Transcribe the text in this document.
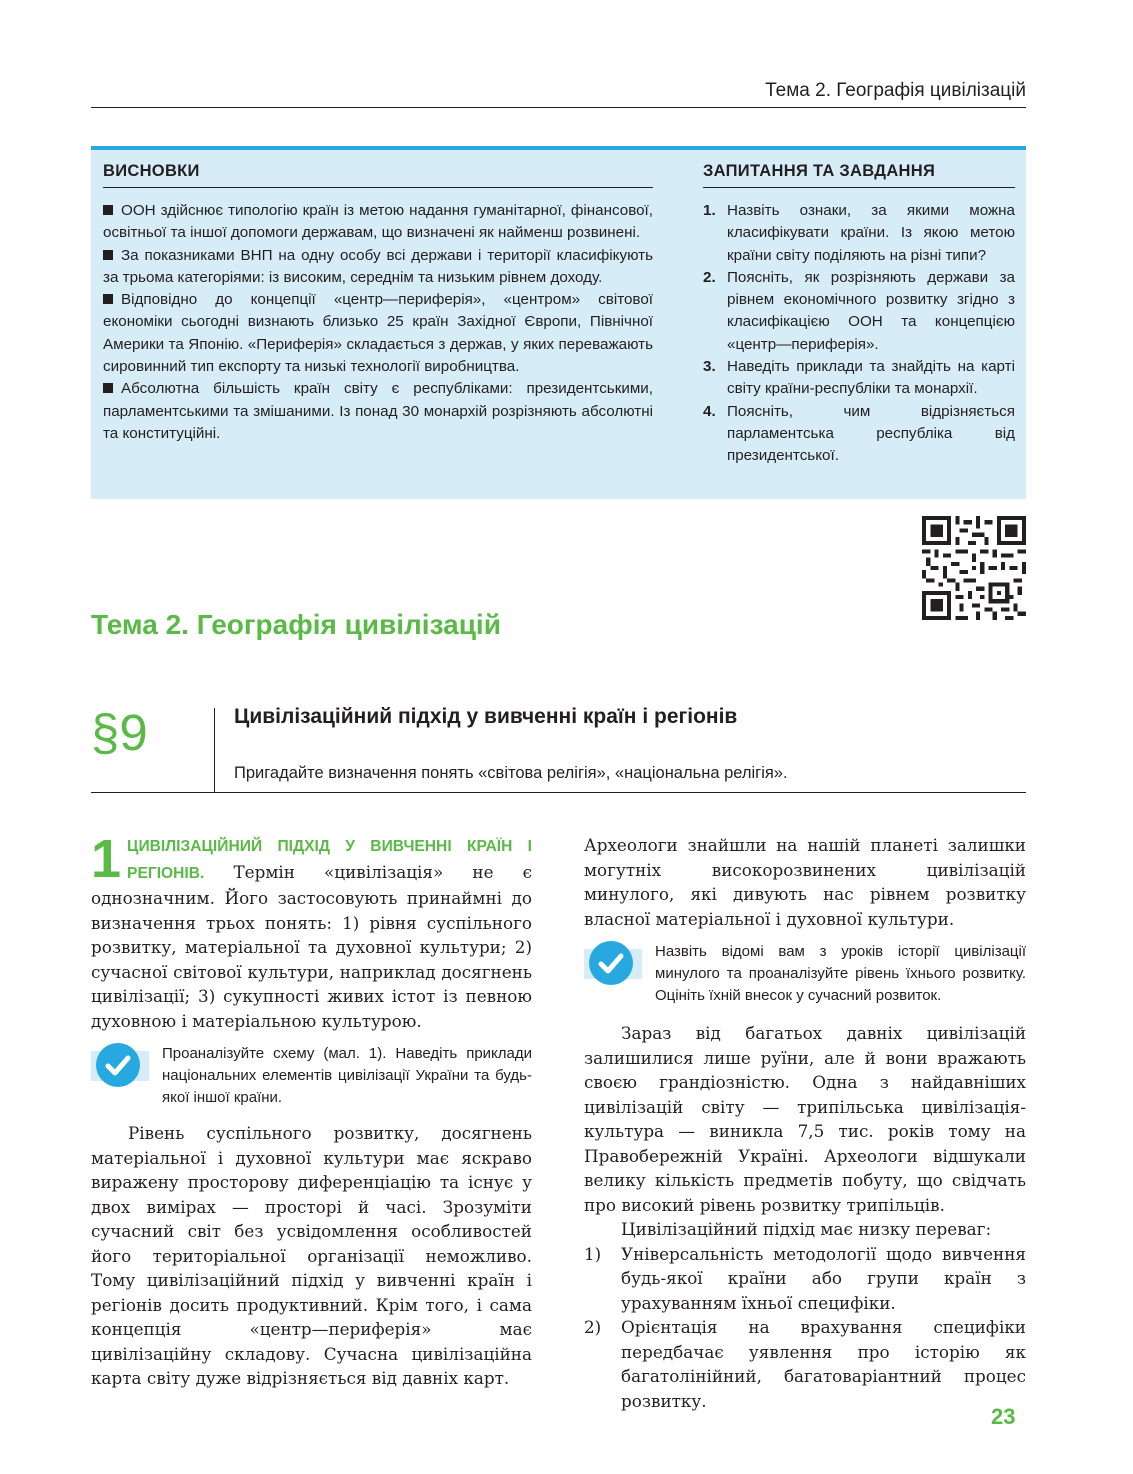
Тема 2. Географія цивілізацій
ВИСНОВКИ

ООН здійснює типологію країн із метою надання гуманітарної, фінансової, освітньої та іншої допомоги державам, що визначені як найменш розвинені.

За показниками ВНП на одну особу всі держави і території класифікують за трьома категоріями: із високим, середнім та низьким рівнем доходу.

Відповідно до концепції «центр—периферія», «центром» світової економіки сьогодні визнають близько 25 країн Західної Європи, Північної Америки та Японію. «Периферія» складається з держав, у яких переважають сировинний тип експорту та низькі технології виробництва.

Абсолютна більшість країн світу є республіками: президентськими, парламентськими та змішаними. Із понад 30 монархій розрізняють абсолютні та конституційні.

ЗАПИТАННЯ ТА ЗАВДАННЯ
1. Назвіть ознаки, за якими можна класифікувати країни. Із якою метою країни світу поділяють на різні типи?
2. Поясніть, як розрізняють держави за рівнем економічного розвитку згідно з класифікацією ООН та концепцією «центр—периферія».
3. Наведіть приклади та знайдіть на карті світу країни-республіки та монархії.
4. Поясніть, чим відрізняється парламентська республіка від президентської.
Тема 2. Географія цивілізацій
§9	Цивілізаційний підхід у вивченні країн і регіонів
Пригадайте визначення понять «світова релігія», «національна релігія».

1 ЦИВІЛІЗАЦІЙНИЙ ПІДХІД У ВИВЧЕННІ КРАЇН І РЕГІОНІВ. Термін «цивілізація» не є однозначним. Його застосовують принаймні до визначення трьох понять: 1) рівня суспільного розвитку, матеріальної та духовної культури; 2) сучасної світової культури, наприклад досягнень цивілізації; 3) сукупності живих істот із певною духовною і матеріальною культурою.

Проаналізуйте схему (мал. 1). Наведіть приклади національних елементів цивілізації України та будь-якої іншої країни.

Рівень суспільного розвитку, досягнень матеріальної і духовної культури має яскраво виражену просторову диференціацію та існує у двох вимірах — просторі й часі. Зрозуміти сучасний світ без усвідомлення особливостей його територіальної організації неможливо. Тому цивілізаційний підхід у вивченні країн і регіонів досить продуктивний. Крім того, і сама концепція «центр—периферія» має цивілізаційну складову. Сучасна цивілізаційна карта світу дуже відрізняється від давніх карт.

Археологи знайшли на нашій планеті залишки могутніх високорозвинених цивілізацій минулого, які дивують нас рівнем розвитку власної матеріальної і духовної культури.

Назвіть відомі вам з уроків історії цивілізації минулого та проаналізуйте рівень їхнього розвитку. Оцініть їхній внесок у сучасний розвиток.

Зараз від багатьох давніх цивілізацій залишилися лише руїни, але й вони вражають своєю грандіозністю. Одна з найдавніших цивілізацій світу — трипільська цивілізація-культура — виникла 7,5 тис. років тому на Правобережній Україні. Археологи відшукали велику кількість предметів побуту, що свідчать про високий рівень розвитку трипільців.

Цивілізаційний підхід має низку переваг:

1) Універсальність методології щодо вивчення будь-якої країни або групи країн з урахуванням їхньої специфіки.
2) Орієнтація на врахування специфіки передбачає уявлення про історію як багатолінійний, багатоваріантний процес розвитку.
23
